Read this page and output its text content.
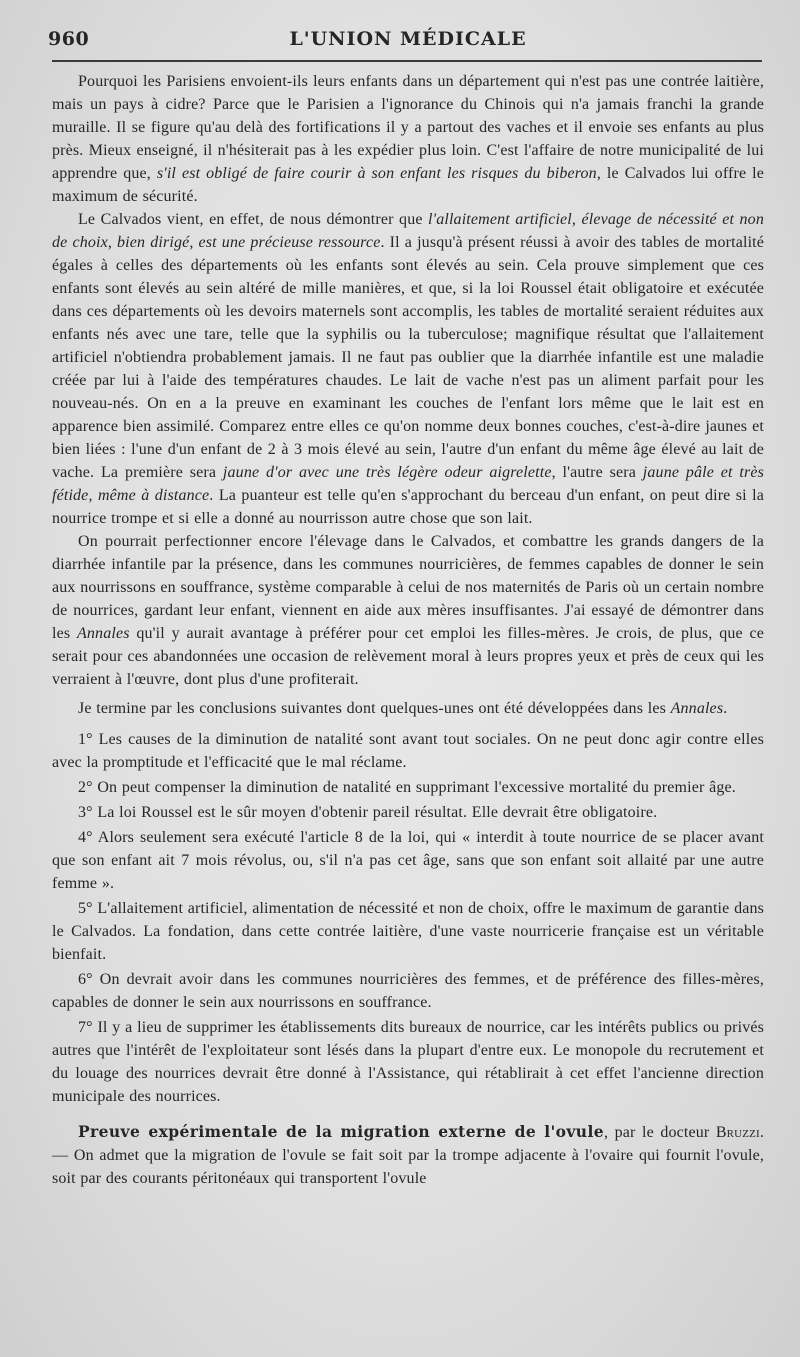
960	L'UNION MÉDICALE

Pourquoi les Parisiens envoient-ils leurs enfants dans un département qui n'est pas une contrée laitière, mais un pays à cidre? Parce que le Parisien a l'ignorance du Chinois qui n'a jamais franchi la grande muraille. Il se figure qu'au delà des fortifications il y a partout des vaches et il envoie ses enfants au plus près. Mieux enseigné, il n'hésiterait pas à les expédier plus loin. C'est l'affaire de notre municipalité de lui apprendre que, s'il est obligé de faire courir à son enfant les risques du biberon, le Calvados lui offre le maximum de sécurité.

Le Calvados vient, en effet, de nous démontrer que l'allaitement artificiel, élevage de nécessité et non de choix, bien dirigé, est une précieuse ressource. Il a jusqu'à présent réussi à avoir des tables de mortalité égales à celles des départements où les enfants sont élevés au sein. Cela prouve simplement que ces enfants sont élevés au sein altéré de mille manières, et que, si la loi Roussel était obligatoire et exécutée dans ces départements où les devoirs maternels sont accomplis, les tables de mortalité seraient réduites aux enfants nés avec une tare, telle que la syphilis ou la tuberculose; magnifique résultat que l'allaitement artificiel n'obtiendra probablement jamais. Il ne faut pas oublier que la diarrhée infantile est une maladie créée par lui à l'aide des températures chaudes. Le lait de vache n'est pas un aliment parfait pour les nouveau-nés. On en a la preuve en examinant les couches de l'enfant lors même que le lait est en apparence bien assimilé. Comparez entre elles ce qu'on nomme deux bonnes couches, c'est-à-dire jaunes et bien liées : l'une d'un enfant de 2 à 3 mois élevé au sein, l'autre d'un enfant du même âge élevé au lait de vache. La première sera jaune d'or avec une très légère odeur aigrelette, l'autre sera jaune pâle et très fétide, même à distance. La puanteur est telle qu'en s'approchant du berceau d'un enfant, on peut dire si la nourrice trompe et si elle a donné au nourrisson autre chose que son lait.

On pourrait perfectionner encore l'élevage dans le Calvados, et combattre les grands dangers de la diarrhée infantile par la présence, dans les communes nourricières, de femmes capables de donner le sein aux nourrissons en souffrance, système comparable à celui de nos maternités de Paris où un certain nombre de nourrices, gardant leur enfant, viennent en aide aux mères insuffisantes. J'ai essayé de démontrer dans les Annales qu'il y aurait avantage à préférer pour cet emploi les filles-mères. Je crois, de plus, que ce serait pour ces abandonnées une occasion de relèvement moral à leurs propres yeux et près de ceux qui les verraient à l'œuvre, dont plus d'une profiterait.

Je termine par les conclusions suivantes dont quelques-unes ont été développées dans les Annales.

1° Les causes de la diminution de natalité sont avant tout sociales. On ne peut donc agir contre elles avec la promptitude et l'efficacité que le mal réclame.

2° On peut compenser la diminution de natalité en supprimant l'excessive mortalité du premier âge.

3° La loi Roussel est le sûr moyen d'obtenir pareil résultat. Elle devrait être obligatoire.

4° Alors seulement sera exécuté l'article 8 de la loi, qui « interdit à toute nourrice de se placer avant que son enfant ait 7 mois révolus, ou, s'il n'a pas cet âge, sans que son enfant soit allaité par une autre femme ».

5° L'allaitement artificiel, alimentation de nécessité et non de choix, offre le maximum de garantie dans le Calvados. La fondation, dans cette contrée laitière, d'une vaste nourricerie française est un véritable bienfait.

6° On devrait avoir dans les communes nourricières des femmes, et de préférence des filles-mères, capables de donner le sein aux nourrissons en souffrance.

7° Il y a lieu de supprimer les établissements dits bureaux de nourrice, car les intérêts publics ou privés autres que l'intérêt de l'exploitateur sont lésés dans la plupart d'entre eux. Le monopole du recrutement et du louage des nourrices devrait être donné à l'Assistance, qui rétablirait à cet effet l'ancienne direction municipale des nourrices.

Preuve expérimentale de la migration externe de l'ovule, par le docteur Bruzzi. — On admet que la migration de l'ovule se fait soit par la trompe adjacente à l'ovaire qui fournit l'ovule, soit par des courants péritonéaux qui transportent l'ovule
